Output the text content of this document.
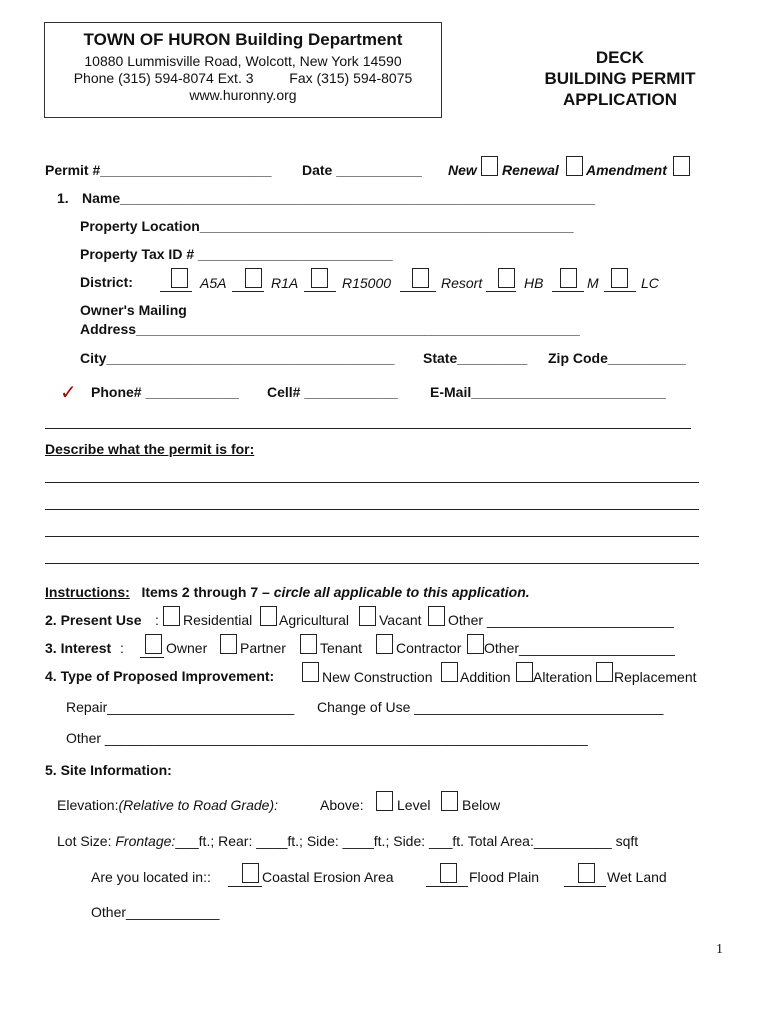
TOWN OF HURON Building Department
10880 Lummisville Road, Wolcott, New York 14590
Phone (315) 594-8074 Ext. 3	Fax (315) 594-8075
www.huronny.org
DECK
BUILDING PERMIT
APPLICATION
Permit #______________________ Date ___________ New Renewal Amendment
1. Name_____________________________________________________________
Property Location________________________________________________
Property Tax ID # _________________________
District:	A5A	R1A	R15000	Resort	HB	M	LC
Owner's Mailing
Address_________________________________________________________
City_____________________________________ State_________ Zip Code__________
✓ Phone# ____________ Cell# ____________ E-Mail_________________________
Describe what the permit is for:
Instructions: Items 2 through 7 – circle all applicable to this application.
2. Present Use : Residential Agricultural Vacant Other ________________________
3. Interest :	Owner Partner Tenant Contractor Other____________________
4. Type of Proposed Improvement:	New Construction Addition Alteration Replacement
Repair________________________ Change of Use ________________________________
Other ______________________________________________________________
5. Site Information:
Elevation:(Relative to Road Grade):	Above: Level Below
Lot Size: Frontage:___ft.; Rear: ____ft.; Side: ____ft.; Side: ___ft. Total Area:__________ sqft
Are you located in::	Coastal Erosion Area	Flood Plain	Wet Land
Other____________
1
